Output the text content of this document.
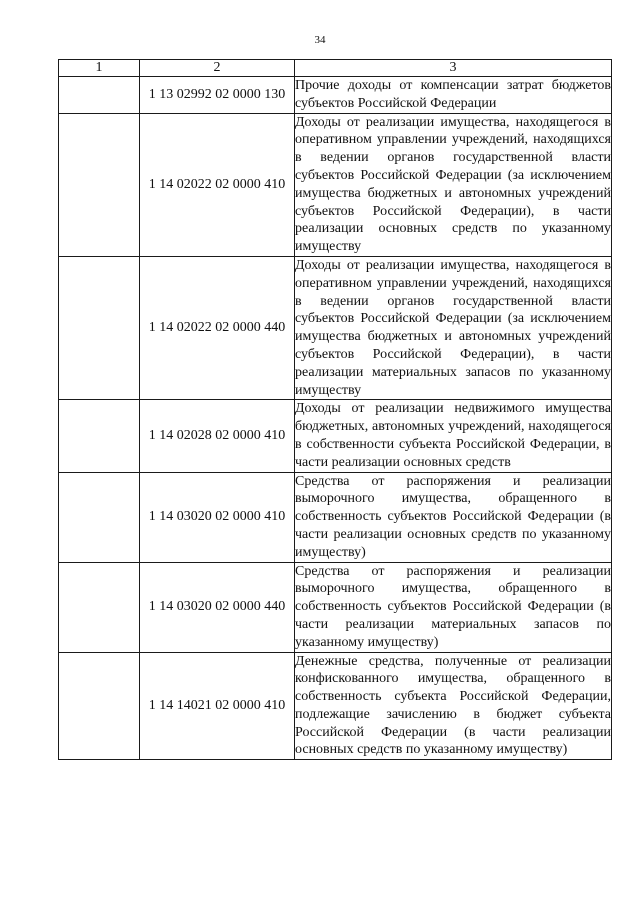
34
1	2	3
	1 13 02992 02 0000 130	Прочие доходы от компенсации затрат бюджетов субъектов Российской Федерации
	1 14 02022 02 0000 410	Доходы от реализации имущества, находящегося в оперативном управлении учреждений, находящихся в ведении органов государственной власти субъектов Российской Федерации (за исключением имущества бюджетных и автономных учреждений субъектов Российской Федерации), в части реализации основных средств по указанному имуществу
	1 14 02022 02 0000 440	Доходы от реализации имущества, находящегося в оперативном управлении учреждений, находящихся в ведении органов государственной власти субъектов Российской Федерации (за исключением имущества бюджетных и автономных учреждений субъектов Российской Федерации), в части реализации материальных запасов по указанному имуществу
	1 14 02028 02 0000 410	Доходы от реализации недвижимого имущества бюджетных, автономных учреждений, находящегося в собственности субъекта Российской Федерации, в части реализации основных средств
	1 14 03020 02 0000 410	Средства от распоряжения и реализации выморочного имущества, обращенного в собственность субъектов Российской Федерации (в части реализации основных средств по указанному имуществу)
	1 14 03020 02 0000 440	Средства от распоряжения и реализации выморочного имущества, обращенного в собственность субъектов Российской Федерации (в части реализации материальных запасов по указанному имуществу)
	1 14 14021 02 0000 410	Денежные средства, полученные от реализации конфискованного имущества, обращенного в собственность субъекта Российской Федерации, подлежащие зачислению в бюджет субъекта Российской Федерации (в части реализации основных средств по указанному имуществу)
